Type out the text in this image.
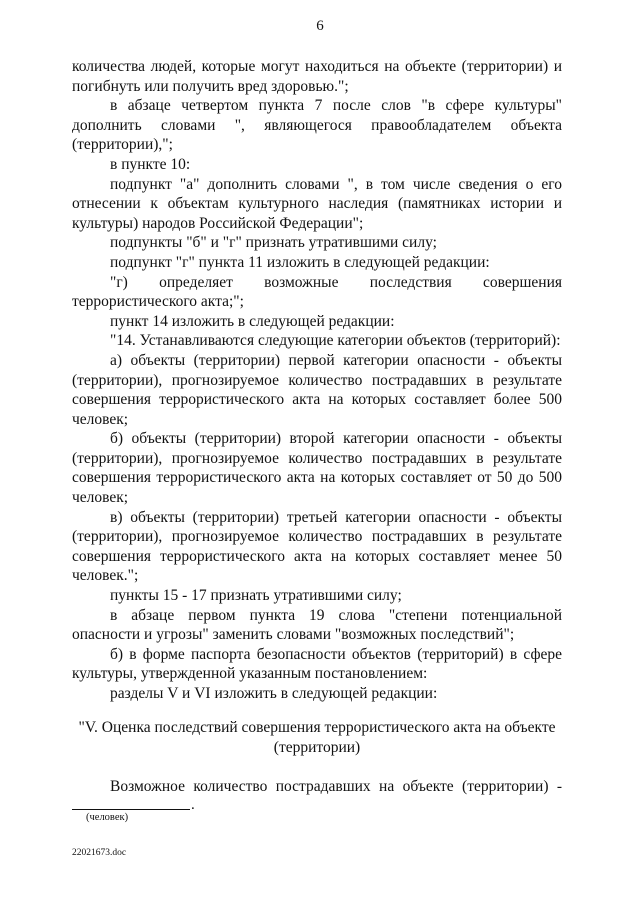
6

количества людей, которые могут находиться на объекте (территории) и погибнуть или получить вред здоровью.";

в абзаце четвертом пункта 7 после слов "в сфере культуры" дополнить словами ", являющегося правообладателем объекта (территории),";

в пункте 10:

подпункт "а" дополнить словами ", в том числе сведения о его отнесении к объектам культурного наследия (памятниках истории и культуры) народов Российской Федерации";

подпункты "б" и "г" признать утратившими силу;

подпункт "г" пункта 11 изложить в следующей редакции:

"г) определяет возможные последствия совершения террористического акта;";

пункт 14 изложить в следующей редакции:

"14. Устанавливаются следующие категории объектов (территорий):

а) объекты (территории) первой категории опасности - объекты (территории), прогнозируемое количество пострадавших в результате совершения террористического акта на которых составляет более 500 человек;

б) объекты (территории) второй категории опасности - объекты (территории), прогнозируемое количество пострадавших в результате совершения террористического акта на которых составляет от 50 до 500 человек;

в) объекты (территории) третьей категории опасности - объекты (территории), прогнозируемое количество пострадавших в результате совершения террористического акта на которых составляет менее 50 человек.";

пункты 15 - 17 признать утратившими силу;

в абзаце первом пункта 19 слова "степени потенциальной опасности и угрозы" заменить словами "возможных последствий";

б) в форме паспорта безопасности объектов (территорий) в сфере культуры, утвержденной указанным постановлением:

разделы V и VI изложить в следующей редакции:

"V. Оценка последствий совершения террористического акта на объекте
(территории)

Возможное количество пострадавших на объекте (территории) -

.
(человек)
22021673.doc
